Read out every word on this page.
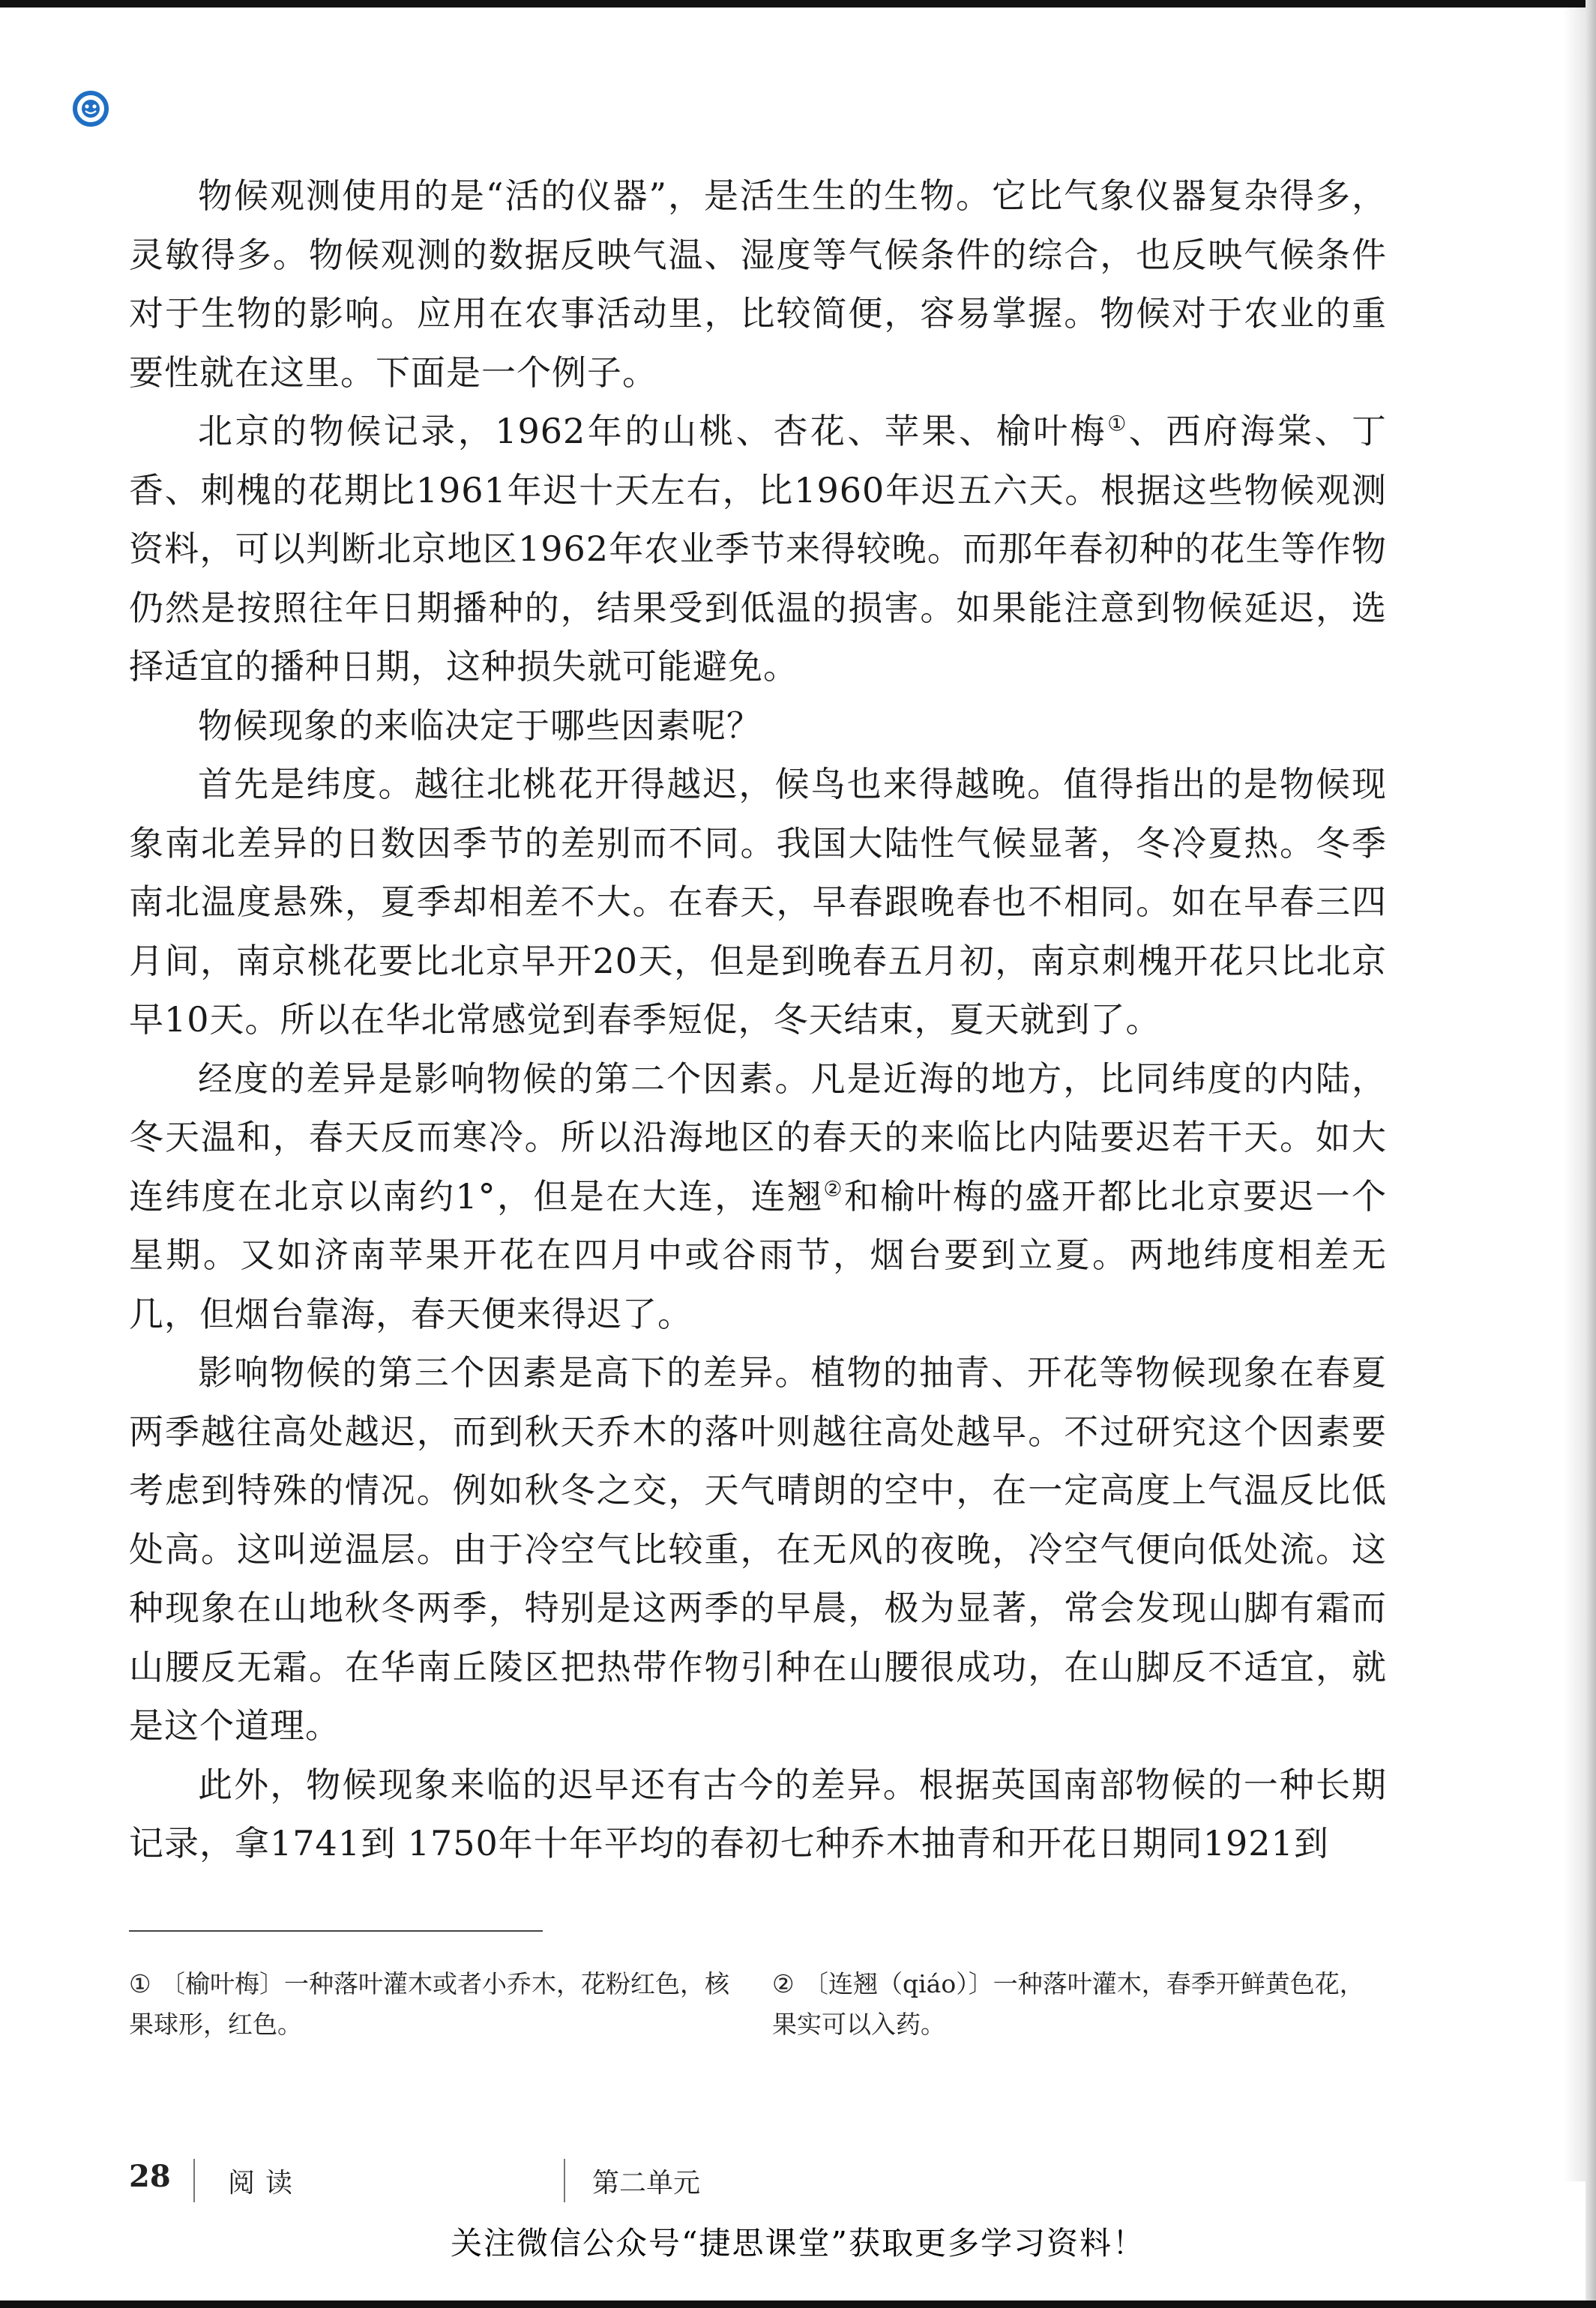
物候观测使用的是“活的仪器”，是活生生的生物。它比气象仪器复杂得多，灵敏得多。物候观测的数据反映气温、湿度等气候条件的综合，也反映气候条件对于生物的影响。应用在农事活动里，比较简便，容易掌握。物候对于农业的重要性就在这里。下面是一个例子。

北京的物候记录，1962年的山桃、杏花、苹果、榆叶梅①、西府海棠、丁香、刺槐的花期比1961年迟十天左右，比1960年迟五六天。根据这些物候观测资料，可以判断北京地区1962年农业季节来得较晚。而那年春初种的花生等作物仍然是按照往年日期播种的，结果受到低温的损害。如果能注意到物候延迟，选择适宜的播种日期，这种损失就可能避免。

物候现象的来临决定于哪些因素呢？

首先是纬度。越往北桃花开得越迟，候鸟也来得越晚。值得指出的是物候现象南北差异的日数因季节的差别而不同。我国大陆性气候显著，冬冷夏热。冬季南北温度悬殊，夏季却相差不大。在春天，早春跟晚春也不相同。如在早春三四月间，南京桃花要比北京早开20天，但是到晚春五月初，南京刺槐开花只比北京早10天。所以在华北常感觉到春季短促，冬天结束，夏天就到了。

经度的差异是影响物候的第二个因素。凡是近海的地方，比同纬度的内陆，冬天温和，春天反而寒冷。所以沿海地区的春天的来临比内陆要迟若干天。如大连纬度在北京以南约1°，但是在大连，连翘②和榆叶梅的盛开都比北京要迟一个星期。又如济南苹果开花在四月中或谷雨节，烟台要到立夏。两地纬度相差无几，但烟台靠海，春天便来得迟了。

影响物候的第三个因素是高下的差异。植物的抽青、开花等物候现象在春夏两季越往高处越迟，而到秋天乔木的落叶则越往高处越早。不过研究这个因素要考虑到特殊的情况。例如秋冬之交，天气晴朗的空中，在一定高度上气温反比低处高。这叫逆温层。由于冷空气比较重，在无风的夜晚，冷空气便向低处流。这种现象在山地秋冬两季，特别是这两季的早晨，极为显著，常会发现山脚有霜而山腰反无霜。在华南丘陵区把热带作物引种在山腰很成功，在山脚反不适宜，就是这个道理。

此外，物候现象来临的迟早还有古今的差异。根据英国南部物候的一种长期记录，拿1741到 1750年十年平均的春初七种乔木抽青和开花日期同1921到

① 〔榆叶梅〕一种落叶灌木或者小乔木，花粉红色，核果球形，红色。
② 〔连翘（qiáo）〕一种落叶灌木，春季开鲜黄色花，果实可以入药。
28 阅读	第二单元
关注微信公众号“捷思课堂”获取更多学习资料！
